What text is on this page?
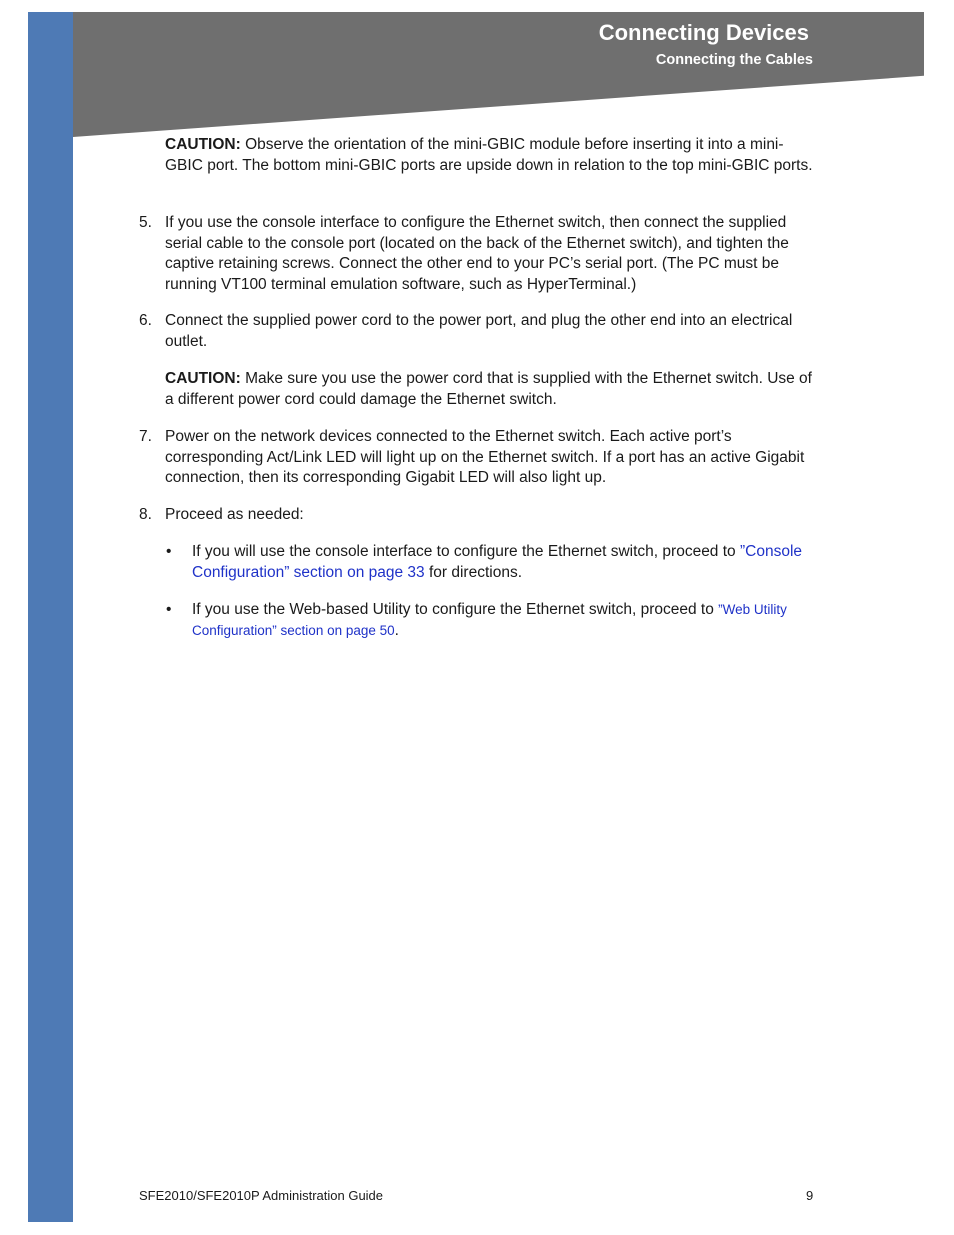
Connecting Devices
Connecting the Cables

CAUTION: Observe the orientation of the mini-GBIC module before inserting it into a mini-GBIC port. The bottom mini-GBIC ports are upside down in relation to the top mini-GBIC ports.

5. If you use the console interface to configure the Ethernet switch, then connect the supplied serial cable to the console port (located on the back of the Ethernet switch), and tighten the captive retaining screws. Connect the other end to your PC’s serial port. (The PC must be running VT100 terminal emulation software, such as HyperTerminal.)

6. Connect the supplied power cord to the power port, and plug the other end into an electrical outlet.

CAUTION: Make sure you use the power cord that is supplied with the Ethernet switch. Use of a different power cord could damage the Ethernet switch.

7. Power on the network devices connected to the Ethernet switch. Each active port’s corresponding Act/Link LED will light up on the Ethernet switch. If a port has an active Gigabit connection, then its corresponding Gigabit LED will also light up.

8. Proceed as needed:

• If you will use the console interface to configure the Ethernet switch, proceed to ”Console Configuration” section on page 33 for directions.

• If you use the Web-based Utility to configure the Ethernet switch, proceed to ”Web Utility Configuration” section on page 50.

SFE2010/SFE2010P Administration Guide	9
